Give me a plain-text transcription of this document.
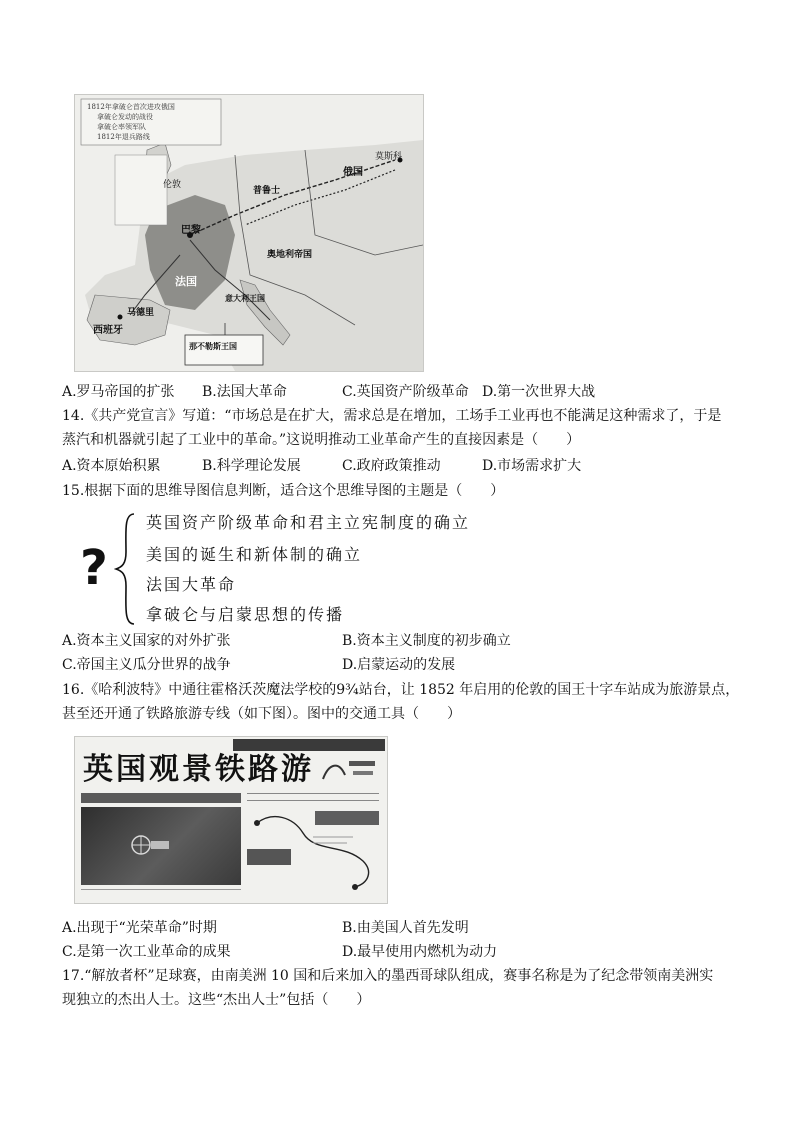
1812年拿破仑首次进攻俄国
拿破仑发动的战役
拿破仑率领军队
1812年退兵路线
西班牙
法国
俄国
奥地利帝国
普鲁士
意大利王国
那不勒斯王国
伦敦
巴黎
马德里
莫斯科
A.罗马帝国的扩张 B.法国大革命	C.英国资产阶级革命 D.第一次世界大战
14.《共产党宣言》写道：“市场总是在扩大，需求总是在增加，工场手工业再也不能满足这种需求了，于是
蒸汽和机器就引起了工业中的革命。”这说明推动工业革命产生的直接因素是（　　）
A.资本原始积累	B.科学理论发展	C.政府政策推动	D.市场需求扩大
15.根据下面的思维导图信息判断，适合这个思维导图的主题是（　　）
?
英国资产阶级革命和君主立宪制度的确立
美国的诞生和新体制的确立
法国大革命
拿破仑与启蒙思想的传播
A.资本主义国家的对外扩张	B.资本主义制度的初步确立
C.帝国主义瓜分世界的战争	D.启蒙运动的发展
16.《哈利波特》中通往霍格沃茨魔法学校的9¾站台，让 1852 年启用的伦敦的国王十字车站成为旅游景点，
甚至还开通了铁路旅游专线（如下图）。图中的交通工具（　　）
英国观景铁路游
A.出现于“光荣革命”时期	B.由美国人首先发明
C.是第一次工业革命的成果	D.最早使用内燃机为动力
17.“解放者杯”足球赛，由南美洲 10 国和后来加入的墨西哥球队组成，赛事名称是为了纪念带领南美洲实
现独立的杰出人士。这些“杰出人士”包括（　　）
